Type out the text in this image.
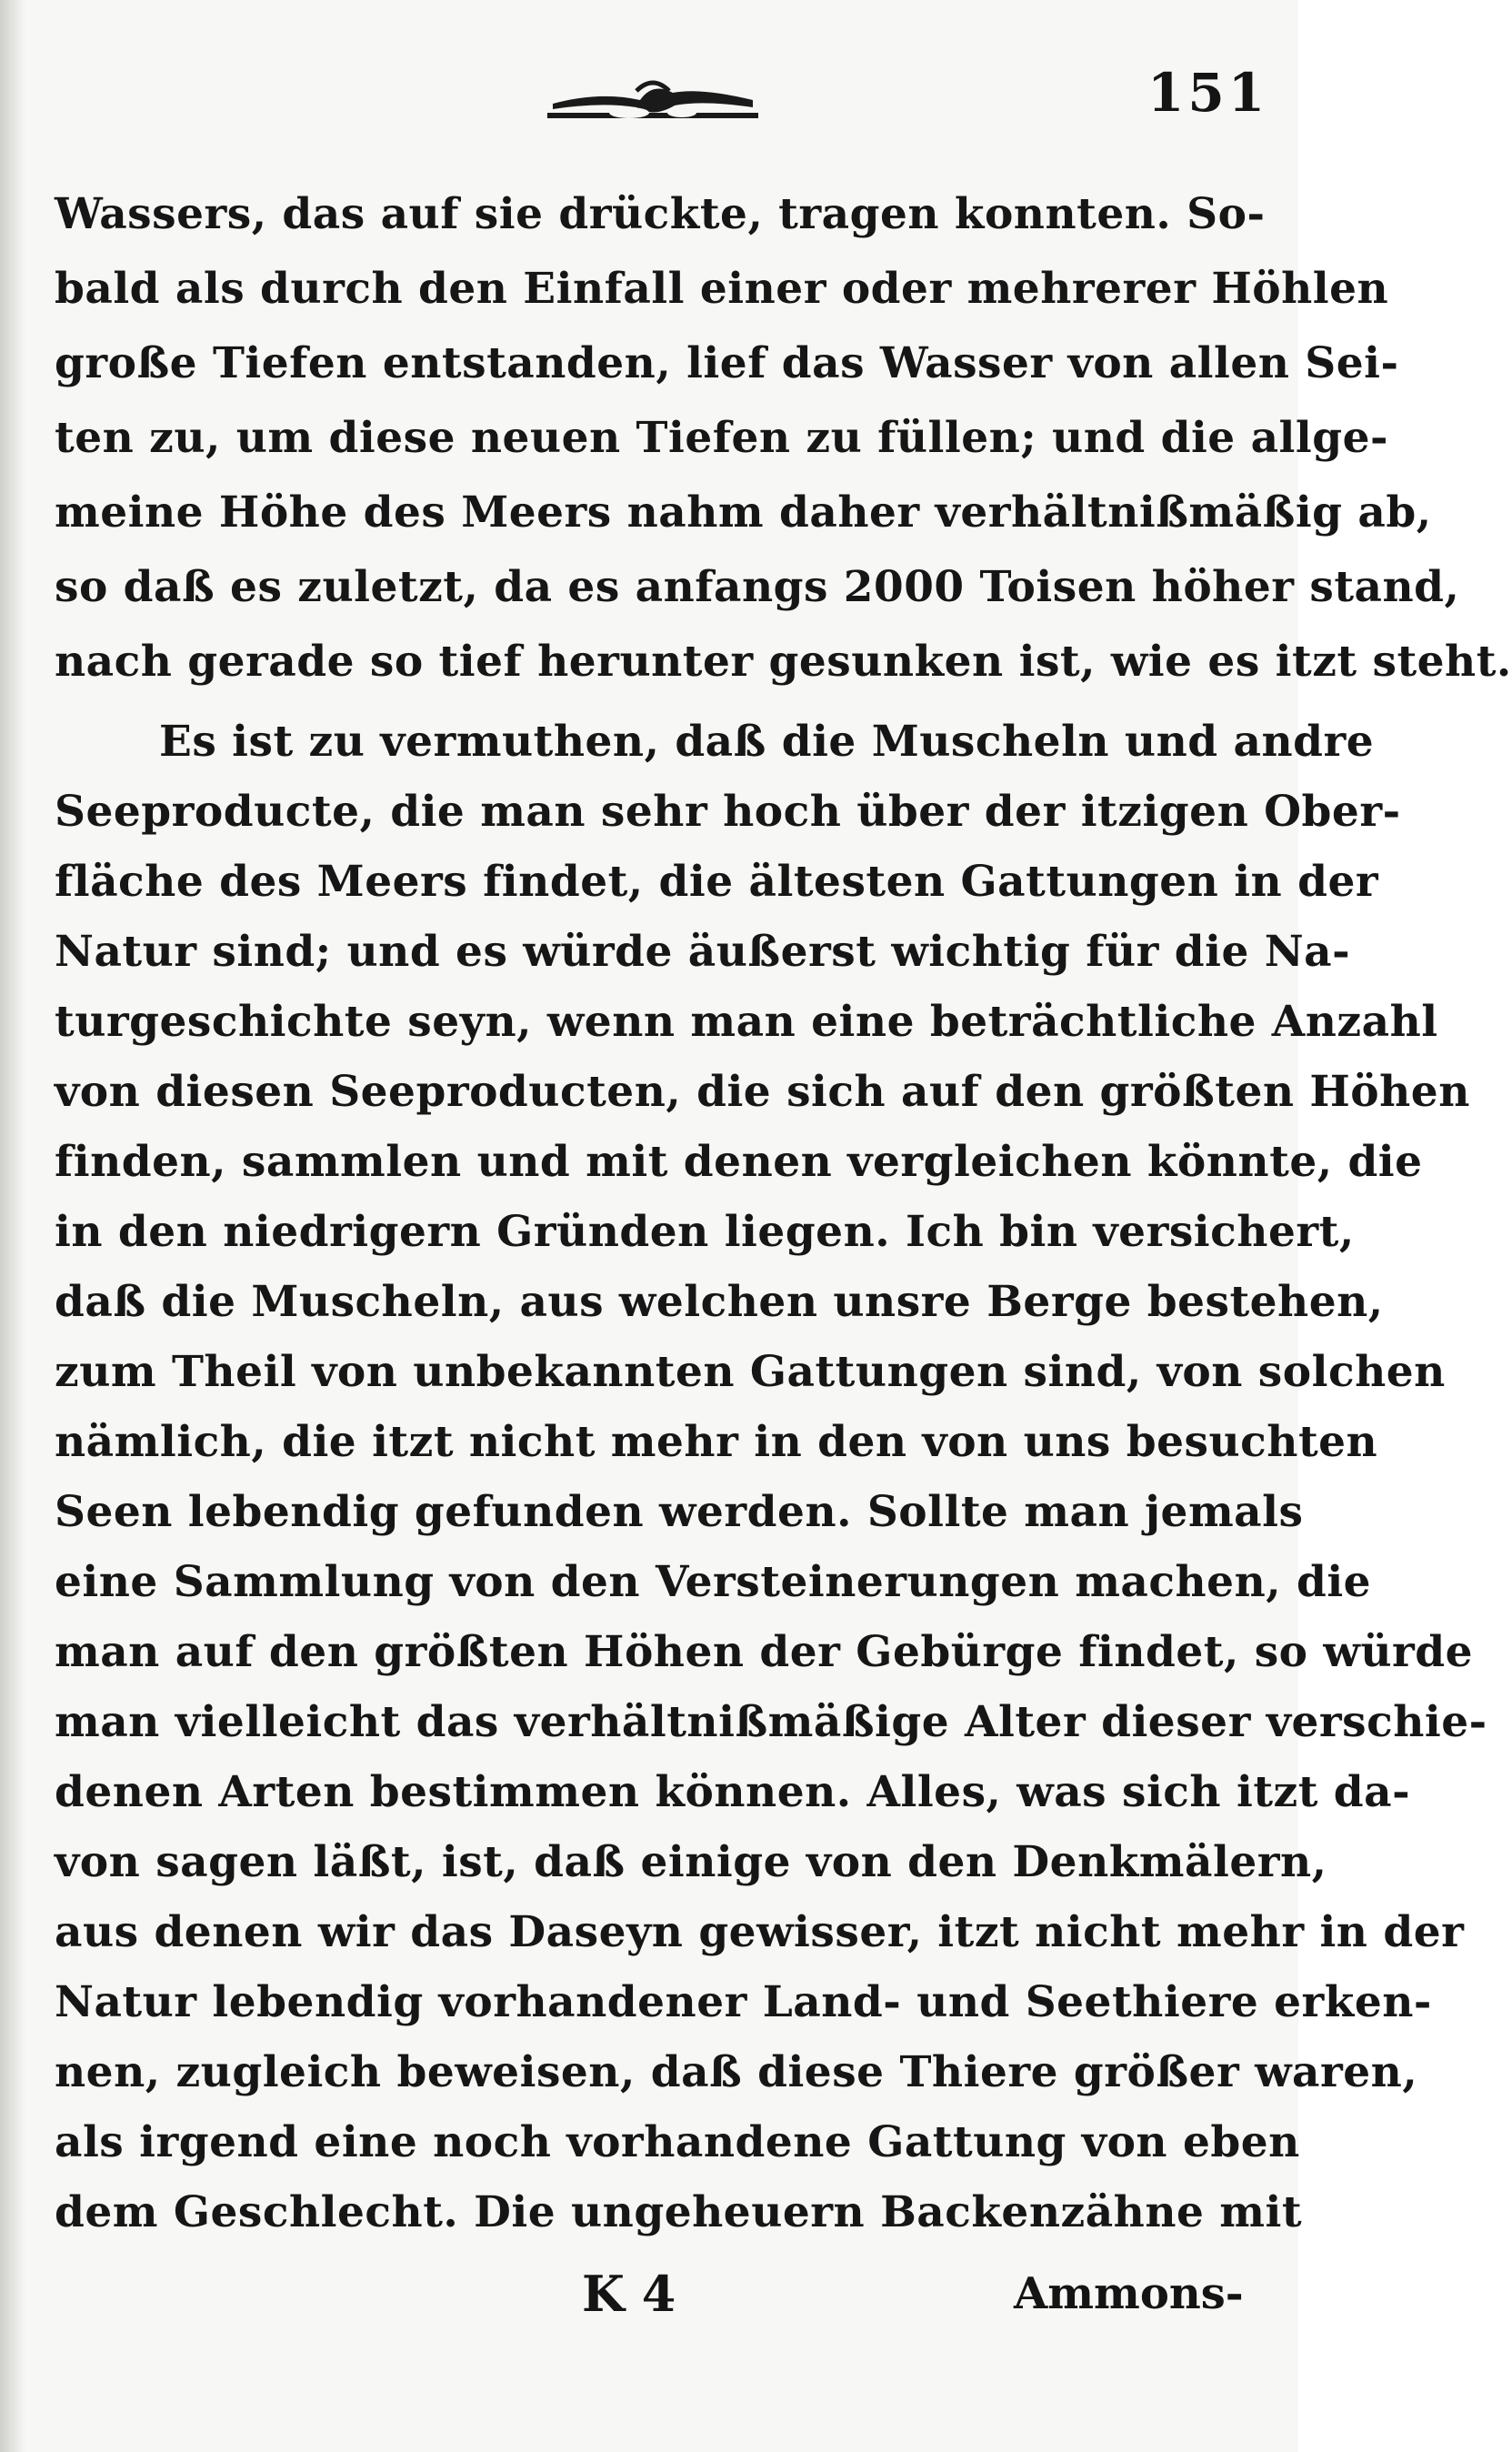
151
Wassers, das auf sie drückte, tragen konnten. So-
bald als durch den Einfall einer oder mehrerer Höhlen
große Tiefen entstanden, lief das Wasser von allen Sei-
ten zu, um diese neuen Tiefen zu füllen; und die allge-
meine Höhe des Meers nahm daher verhältnißmäßig ab,
so daß es zuletzt, da es anfangs 2000 Toisen höher stand,
nach gerade so tief herunter gesunken ist, wie es itzt steht.
Es ist zu vermuthen, daß die Muscheln und andre
Seeproducte, die man sehr hoch über der itzigen Ober-
fläche des Meers findet, die ältesten Gattungen in der
Natur sind; und es würde äußerst wichtig für die Na-
turgeschichte seyn, wenn man eine beträchtliche Anzahl
von diesen Seeproducten, die sich auf den größten Höhen
finden, sammlen und mit denen vergleichen könnte, die
in den niedrigern Gründen liegen. Ich bin versichert,
daß die Muscheln, aus welchen unsre Berge bestehen,
zum Theil von unbekannten Gattungen sind, von solchen
nämlich, die itzt nicht mehr in den von uns besuchten
Seen lebendig gefunden werden. Sollte man jemals
eine Sammlung von den Versteinerungen machen, die
man auf den größten Höhen der Gebürge findet, so würde
man vielleicht das verhältnißmäßige Alter dieser verschie-
denen Arten bestimmen können. Alles, was sich itzt da-
von sagen läßt, ist, daß einige von den Denkmälern,
aus denen wir das Daseyn gewisser, itzt nicht mehr in der
Natur lebendig vorhandener Land- und Seethiere erken-
nen, zugleich beweisen, daß diese Thiere größer waren,
als irgend eine noch vorhandene Gattung von eben
dem Geschlecht. Die ungeheuern Backenzähne mit
K 4	Ammons-
